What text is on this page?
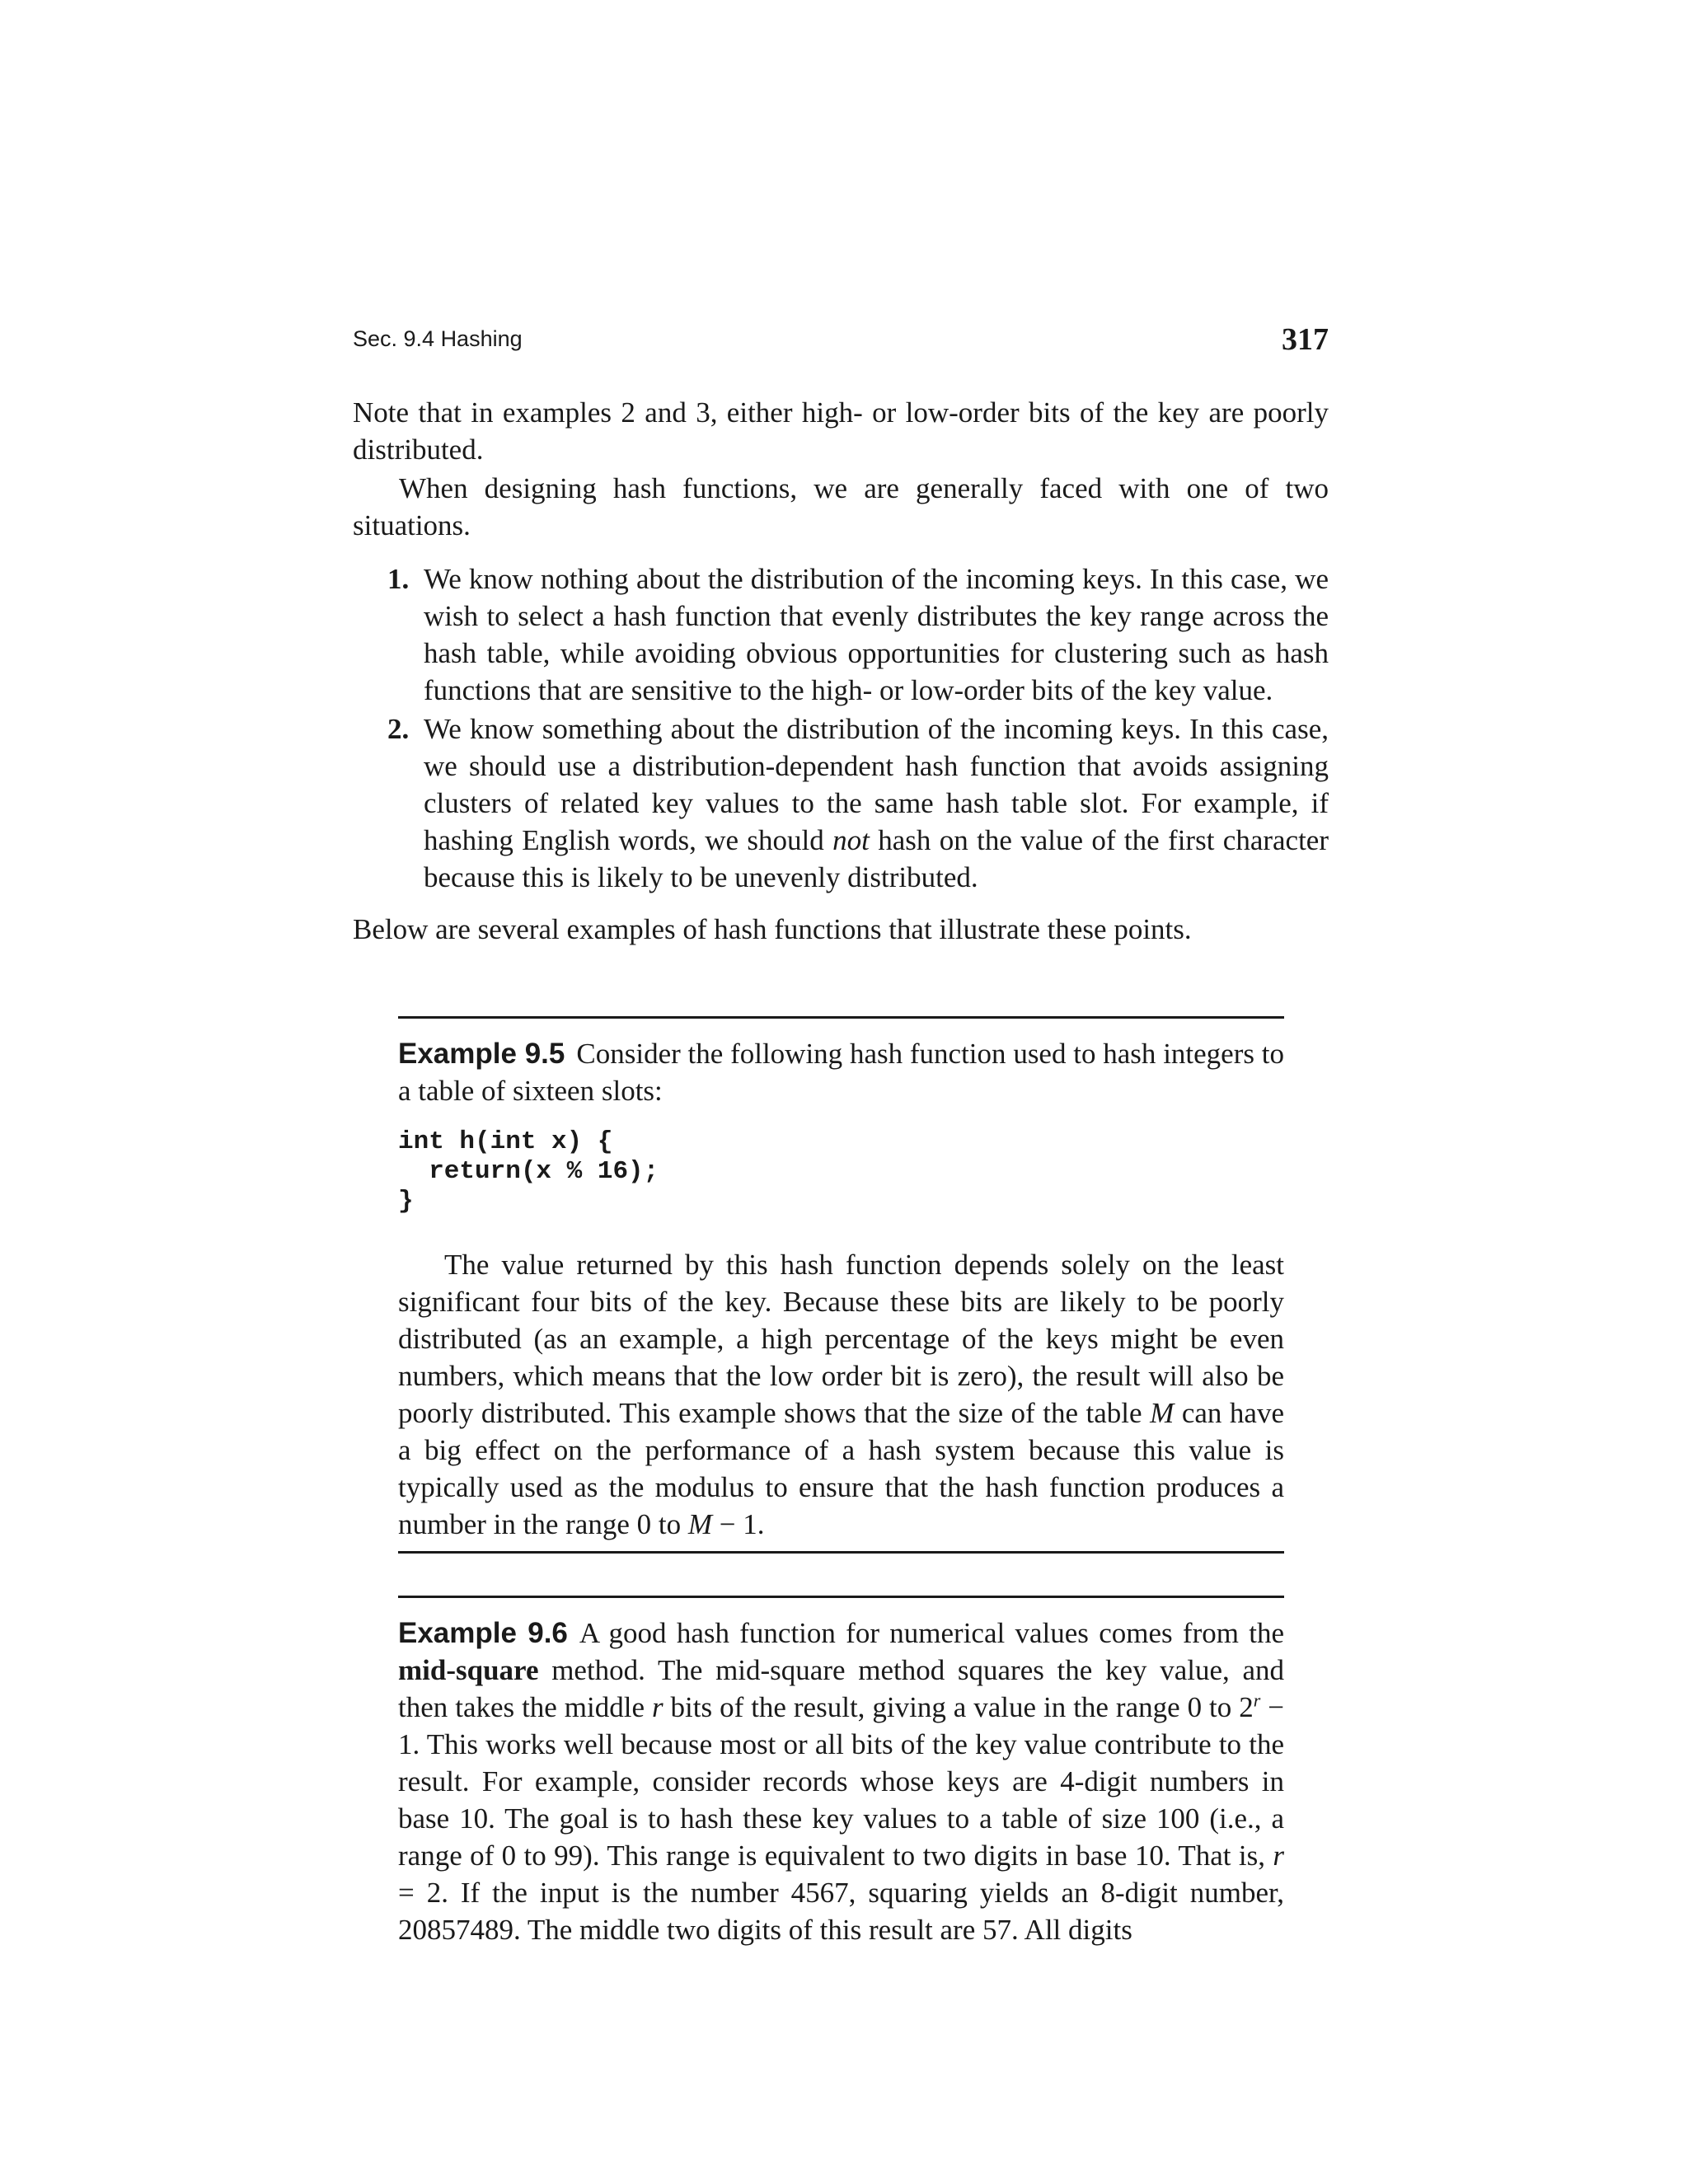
Sec. 9.4 Hashing	317

Note that in examples 2 and 3, either high- or low-order bits of the key are poorly distributed.

When designing hash functions, we are generally faced with one of two situations.

1. We know nothing about the distribution of the incoming keys. In this case, we wish to select a hash function that evenly distributes the key range across the hash table, while avoiding obvious opportunities for clustering such as hash functions that are sensitive to the high- or low-order bits of the key value.
2. We know something about the distribution of the incoming keys. In this case, we should use a distribution-dependent hash function that avoids assigning clusters of related key values to the same hash table slot. For example, if hashing English words, we should not hash on the value of the first character because this is likely to be unevenly distributed.

Below are several examples of hash functions that illustrate these points.

Example 9.5 Consider the following hash function used to hash integers to a table of sixteen slots:

int h(int x) {
return(x % 16);
}

The value returned by this hash function depends solely on the least significant four bits of the key. Because these bits are likely to be poorly distributed (as an example, a high percentage of the keys might be even numbers, which means that the low order bit is zero), the result will also be poorly distributed. This example shows that the size of the table M can have a big effect on the performance of a hash system because this value is typically used as the modulus to ensure that the hash function produces a number in the range 0 to M − 1.

Example 9.6 A good hash function for numerical values comes from the mid-square method. The mid-square method squares the key value, and then takes the middle r bits of the result, giving a value in the range 0 to $2^r - 1$. This works well because most or all bits of the key value contribute to the result. For example, consider records whose keys are 4-digit numbers in base 10. The goal is to hash these key values to a table of size 100 (i.e., a range of 0 to 99). This range is equivalent to two digits in base 10. That is, r = 2. If the input is the number 4567, squaring yields an 8-digit number, 20857489. The middle two digits of this result are 57. All digits
